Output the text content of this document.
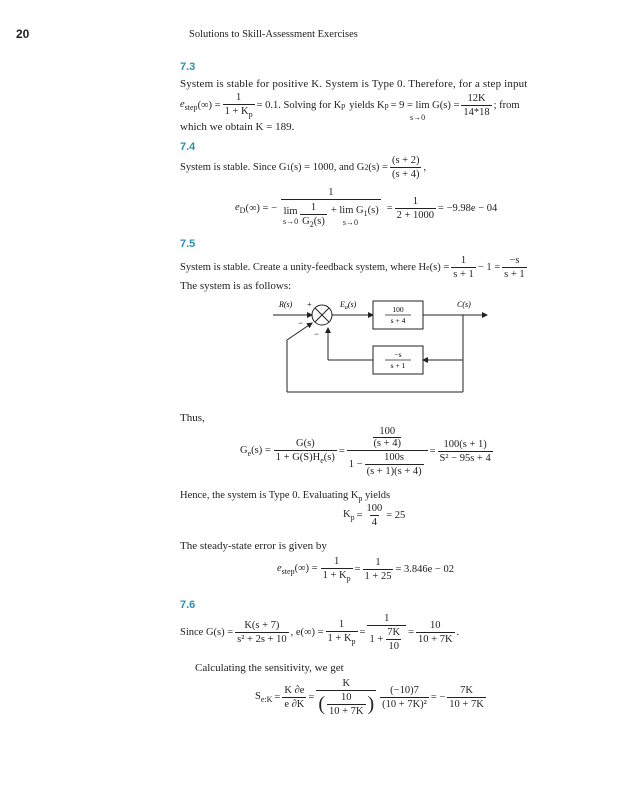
20	Solutions to Skill-Assessment Exercises
7.3
System is stable for positive K. System is Type 0. Therefore, for a step input
$e_{step}$ (∞) = $\frac{1}{1 + K_p} = 0.1$. Solving for K p yields K $p = 9 = \lim G(s) = \frac{12K}{14*18}$ ; from
s→0
which we obtain K = 189.
7.4
System is stable. Since G 1 (s) = 1000, and G 2 $(s) = \frac{(s + 2)}{(s + 4)}$ ,
$e_D$ (∞) = −
1
lim
$s\to 0 \frac{1}{G_2(s)} + \lim G_1(s)$
s→0
= $\frac{1}{2 + 1000} = -9.98e - 04$
7.5
System is stable. Create a unity-feedback system, where H e $(s) = \frac{1}{s + 1} - 1 = \frac{-s}{s + 1}$
The system is as follows:
R(s) +
−
−
$E_a(s)$	C(s)
100
s + 4
−s
s + 1
Thus,
$G_e(s) = \frac{G(s)}{1 + G(S)H_e(s)} = 100$
(s + 4)
$1 - \frac{100s}{(s + 1)(s + 4)} = \frac{100(s + 1)}{\text{S² − 95s + 4}}$
Hence, the system is Type 0. Evaluating $K_p$ yields
$K_p = \frac{100}{4} = 25$
The steady-state error is given by
$e_{step}(\infty) = \frac{1}{1 + K_p} = \frac{1}{1 + 25} = 3.846e - 02$
7.6
Since $G(s) = \frac{K(s + 7)}{\text{s² + 2s + 10}}$ , $e(\infty) = \frac{1}{1 + K_p} = \frac{1}{1 + \frac{7K}{10}} = \frac{10}{10 + 7K}$ .
Calculating the sensitivity, we get
$S_{e:K} = \frac{K \partial e}{e \partial K} = \frac{K}{( \frac{10}{10 + 7K} )} \frac{(-10)7}{\text{(10 + 7K)²}}$ = − $\frac{7K}{10 + 7K}$
